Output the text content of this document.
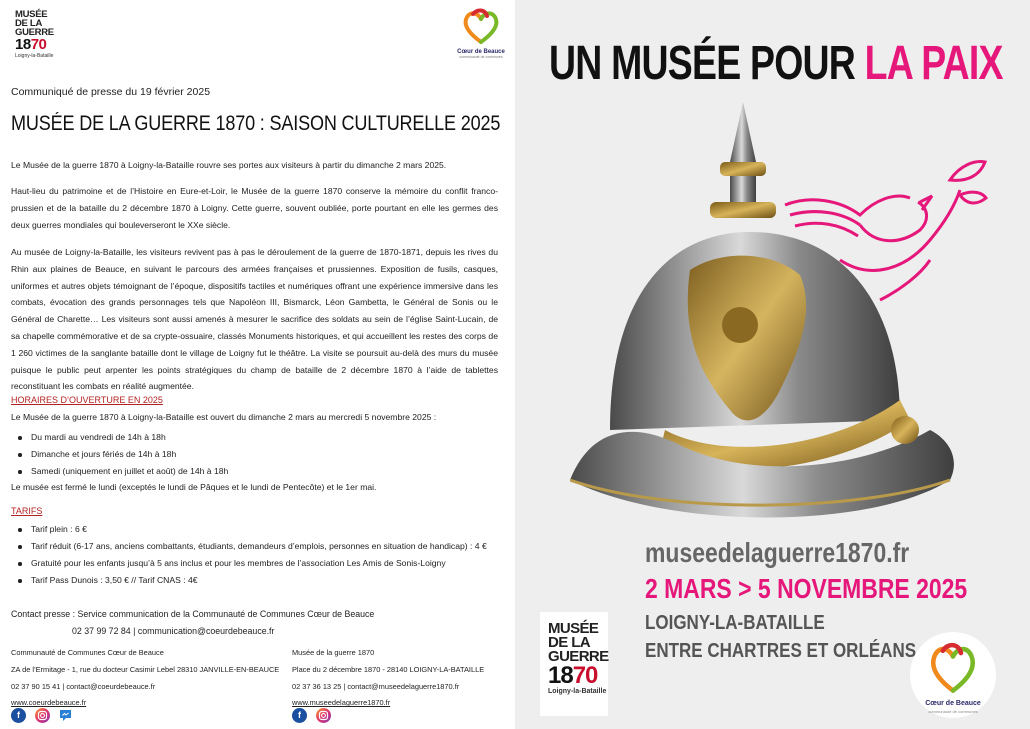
MUSÉE
DE LA
GUERRE
1870
Loigny-la-Bataille
Cœur de Beauce
communauté de communes
Communiqué de presse du 19 février 2025
MUSÉE DE LA GUERRE 1870 : SAISON CULTURELLE 2025
Le Musée de la guerre 1870 à Loigny-la-Bataille rouvre ses portes aux visiteurs à partir du dimanche 2 mars 2025.
Haut-lieu du patrimoine et de l’Histoire en Eure-et-Loir, le Musée de la guerre 1870 conserve la mémoire du conflit franco-prussien et de la bataille du 2 décembre 1870 à Loigny. Cette guerre, souvent oubliée, porte pourtant en elle les germes des deux guerres mondiales qui bouleverseront le XXe siècle.
Au musée de Loigny-la-Bataille, les visiteurs revivent pas à pas le déroulement de la guerre de 1870-1871, depuis les rives du Rhin aux plaines de Beauce, en suivant le parcours des armées françaises et prussiennes. Exposition de fusils, casques, uniformes et autres objets témoignant de l’époque, dispositifs tactiles et numériques offrant une expérience immersive dans les combats, évocation des grands personnages tels que Napoléon III, Bismarck, Léon Gambetta, le Général de Sonis ou le Général de Charette… Les visiteurs sont aussi amenés à mesurer le sacrifice des soldats au sein de l’église Saint-Lucain, de sa chapelle commémorative et de sa crypte-ossuaire, classés Monuments historiques, et qui accueillent les restes des corps de 1 260 victimes de la sanglante bataille dont le village de Loigny fut le théâtre. La visite se poursuit au-delà des murs du musée puisque le public peut arpenter les points stratégiques du champ de bataille de 2 décembre 1870 à l’aide de tablettes reconstituant les combats en réalité augmentée.
HORAIRES D’OUVERTURE EN 2025
Le Musée de la guerre 1870 à Loigny-la-Bataille est ouvert du dimanche 2 mars au mercredi 5 novembre 2025 :
Du mardi au vendredi de 14h à 18h
Dimanche et jours fériés de 14h à 18h
Samedi (uniquement en juillet et août) de 14h à 18h
Le musée est fermé le lundi (exceptés le lundi de Pâques et le lundi de Pentecôte) et le 1er mai.
TARIFS
Tarif plein : 6 €
Tarif réduit (6-17 ans, anciens combattants, étudiants, demandeurs d’emplois, personnes en situation de handicap) : 4 €
Gratuité pour les enfants jusqu’à 5 ans inclus et pour les membres de l’association Les Amis de Sonis-Loigny
Tarif Pass Dunois : 3,50 € // Tarif CNAS : 4€
Contact presse : Service communication de la Communauté de Communes Cœur de Beauce
02 37 99 72 84 | communication@coeurdebeauce.fr
Communauté de Communes Cœur de Beauce
ZA de l’Ermitage - 1, rue du docteur Casimir Lebel 28310 JANVILLE-EN-BEAUCE
02 37 90 15 41 | contact@coeurdebeauce.fr
www.coeurdebeauce.fr
Musée de la guerre 1870
Place du 2 décembre 1870 - 28140 LOIGNY-LA-BATAILLE
02 37 36 13 25 | contact@museedelaguerre1870.fr
www.museedelaguerre1870.fr
f	f
UN MUSÉE POUR LA PAIX
museedelaguerre1870.fr
2 MARS > 5 NOVEMBRE 2025
LOIGNY-LA-BATAILLE
ENTRE CHARTRES ET ORLÉANS
MUSÉE
DE LA
GUERRE
1870
Loigny-la-Bataille
Cœur de Beauce
communauté de communes
